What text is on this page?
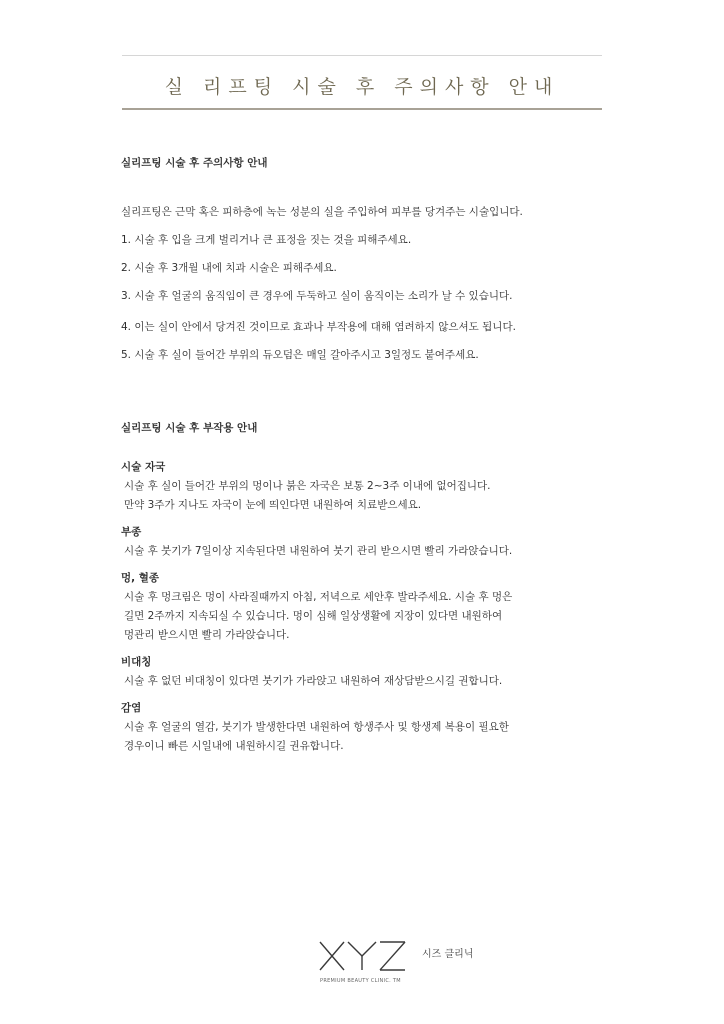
실 리프팅 시술 후 주의사항 안내

실리프팅 시술 후 주의사항 안내

실리프팅은 근막 혹은 피하층에 녹는 성분의 실을 주입하여 피부를 당겨주는 시술입니다.

1. 시술 후 입을 크게 벌리거나 큰 표정을 짓는 것을 피해주세요.

2. 시술 후 3개월 내에 치과 시술은 피해주세요.

3. 시술 후 얼굴의 움직임이 큰 경우에 두둑하고 실이 움직이는 소리가 날 수 있습니다.

4. 이는 실이 안에서 당겨진 것이므로 효과나 부작용에 대해 염려하지 않으셔도 됩니다.

5. 시술 후 실이 들어간 부위의 듀오덤은 매일 갈아주시고 3일정도 붙여주세요.

실리프팅 시술 후 부작용 안내

시술 자국

시술 후 실이 들어간 부위의 멍이나 붉은 자국은 보통 2~3주 이내에 없어집니다.

만약 3주가 지나도 자국이 눈에 띄인다면 내원하여 치료받으세요.

부종

시술 후 붓기가 7일이상 지속된다면 내원하여 붓기 관리 받으시면 빨리 가라앉습니다.

멍, 혈종

시술 후 멍크림은 멍이 사라질때까지 아침, 저녁으로 세안후 발라주세요. 시술 후 멍은

길면 2주까지 지속되실 수 있습니다. 멍이 심해 일상생활에 지장이 있다면 내원하여

멍관리 받으시면 빨리 가라앉습니다.

비대칭

시술 후 없던 비대칭이 있다면 붓기가 가라앉고 내원하여 재상담받으시길 권합니다.

감염

시술 후 얼굴의 열감, 붓기가 발생한다면 내원하여 항생주사 및 항생제 복용이 필요한

경우이니 빠른 시일내에 내원하시길 권유합니다.

PREMIUM BEAUTY CLINIC. TM
시즈 클리닉
